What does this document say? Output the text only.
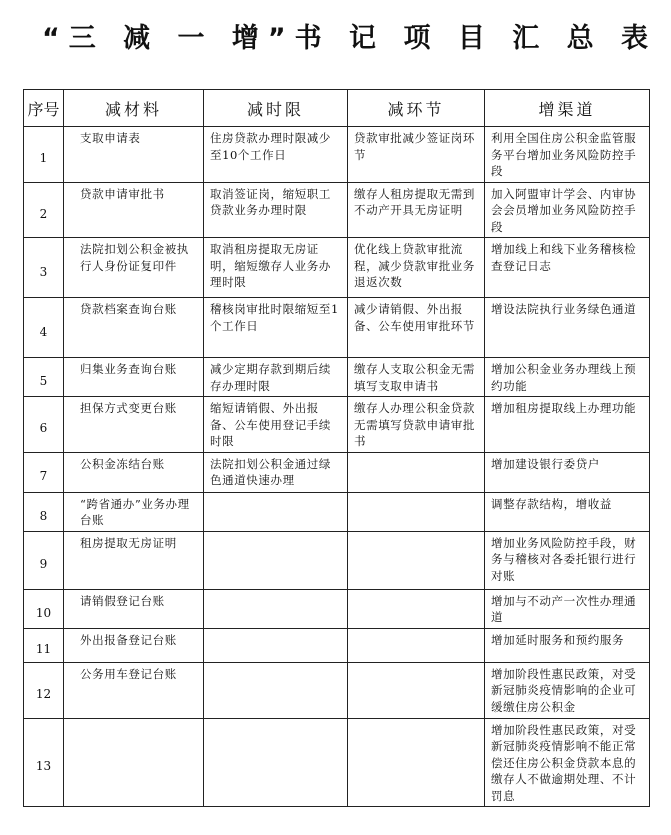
“三 减 一 增”书 记 项 目 汇 总 表
序号	减材料	减时限	减环节	增渠道
1	支取申请表	住房贷款办理时限减少至10个工作日	贷款审批减少签证岗环节	利用全国住房公积金监管服务平台增加业务风险防控手段
2	贷款申请审批书	取消签证岗，缩短职工贷款业务办理时限	缴存人租房提取无需到不动产开具无房证明	加入阿盟审计学会、内审协会会员增加业务风险防控手段
3	法院扣划公积金被执行人身份证复印件	取消租房提取无房证明，缩短缴存人业务办理时限	优化线上贷款审批流程，减少贷款审批业务退返次数	增加线上和线下业务稽核检查登记日志
4	贷款档案查询台账	稽核岗审批时限缩短至1个工作日	减少请销假、外出报备、公车使用审批环节	增设法院执行业务绿色通道
5	归集业务查询台账	减少定期存款到期后续存办理时限	缴存人支取公积金无需填写支取申请书	增加公积金业务办理线上预约功能
6	担保方式变更台账	缩短请销假、外出报备、公车使用登记手续时限	缴存人办理公积金贷款无需填写贷款申请审批书	增加租房提取线上办理功能
7	公积金冻结台账	法院扣划公积金通过绿色通道快速办理		增加建设银行委贷户
8	“跨省通办”业务办理台账			调整存款结构，增收益
9	租房提取无房证明			增加业务风险防控手段，财务与稽核对各委托银行进行对账
10	请销假登记台账			增加与不动产一次性办理通道
11	外出报备登记台账			增加延时服务和预约服务
12	公务用车登记台账			增加阶段性惠民政策，对受新冠肺炎疫情影响的企业可缓缴住房公积金
13				增加阶段性惠民政策，对受新冠肺炎疫情影响不能正常偿还住房公积金贷款本息的缴存人不做逾期处理、不计罚息
